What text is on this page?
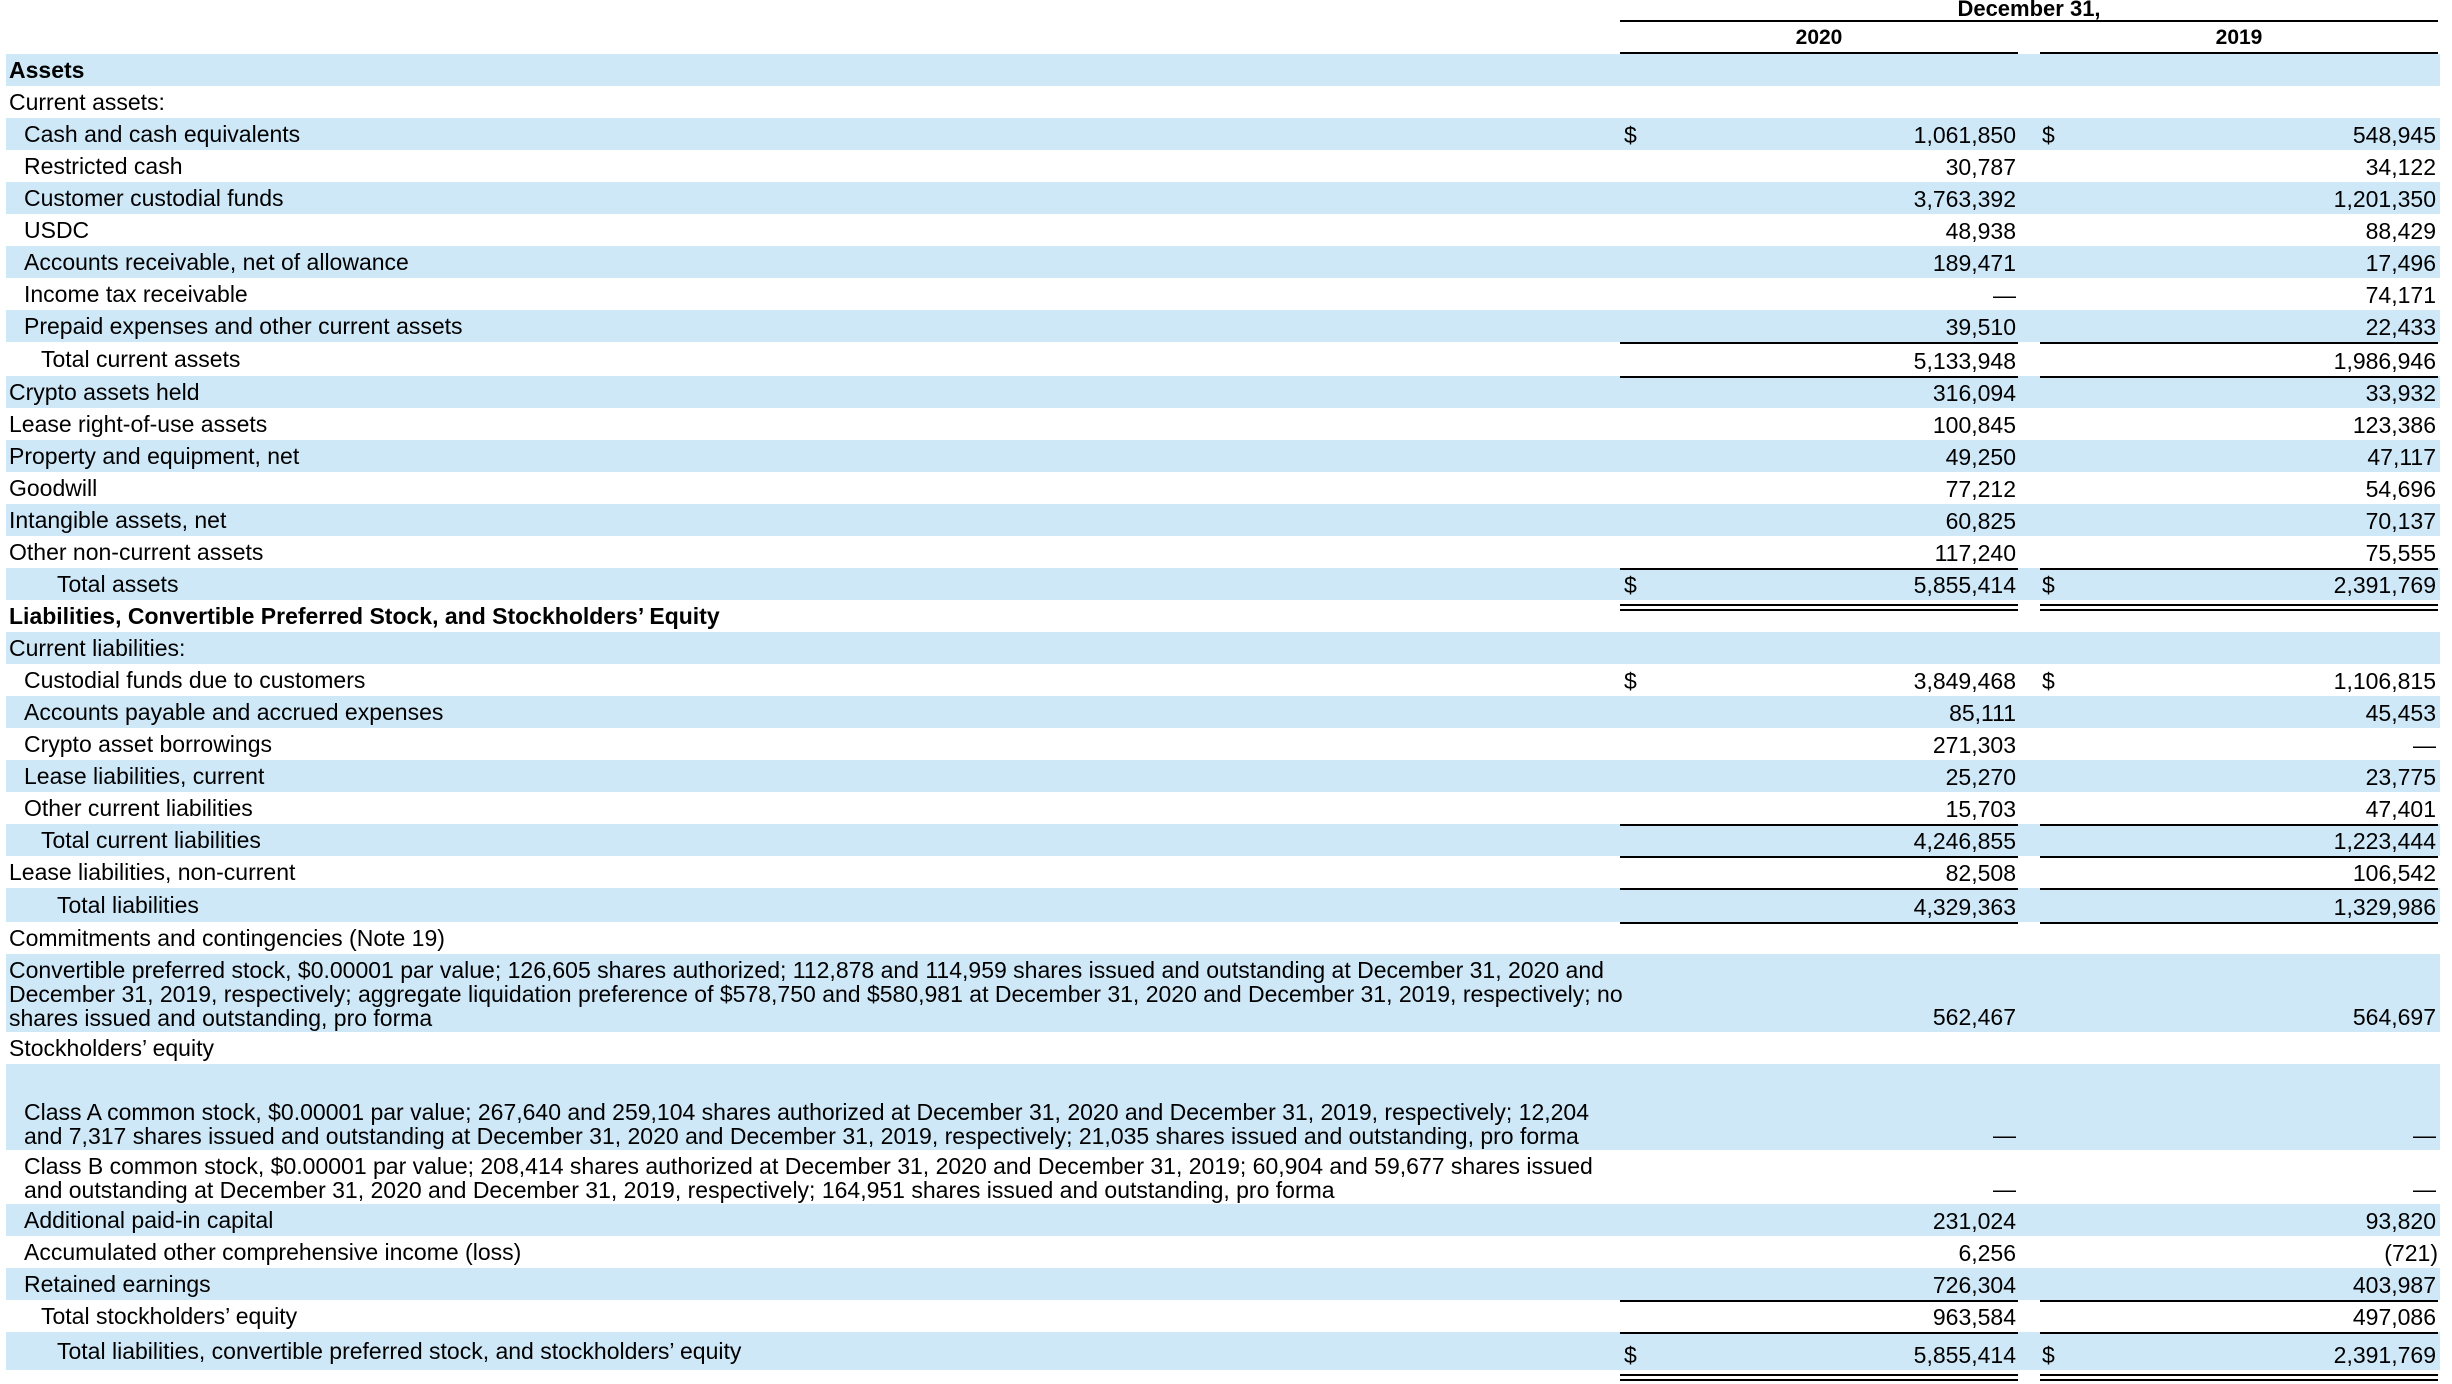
December 31,
2020	2019
Assets
Current assets:
Cash and cash equivalents	$	1,061,850 $	548,945
Restricted cash	30,787	34,122
Customer custodial funds	3,763,392	1,201,350
USDC	48,938	88,429
Accounts receivable, net of allowance	189,471	17,496
Income tax receivable	—	74,171
Prepaid expenses and other current assets	39,510	22,433
Total current assets	5,133,948	1,986,946
Crypto assets held	316,094	33,932
Lease right-of-use assets	100,845	123,386
Property and equipment, net	49,250	47,117
Goodwill	77,212	54,696
Intangible assets, net	60,825	70,137
Other non-current assets	117,240	75,555
Total assets	$	5,855,414 $	2,391,769
Liabilities, Convertible Preferred Stock, and Stockholders’ Equity
Current liabilities:
Custodial funds due to customers	$	3,849,468 $	1,106,815
Accounts payable and accrued expenses	85,111	45,453
Crypto asset borrowings	271,303	—
Lease liabilities, current	25,270	23,775
Other current liabilities	15,703	47,401
Total current liabilities	4,246,855	1,223,444
Lease liabilities, non-current	82,508	106,542
Total liabilities	4,329,363	1,329,986
Commitments and contingencies (Note 19)
Convertible preferred stock, $0.00001 par value; 126,605 shares authorized; 112,878 and 114,959 shares issued and outstanding at December 31, 2020 and December 31, 2019, respectively; aggregate liquidation preference of $578,750 and $580,981 at December 31, 2020 and December 31, 2019, respectively; no shares issued and outstanding, pro forma	562,467	564,697
Stockholders’ equity
Class A common stock, $0.00001 par value; 267,640 and 259,104 shares authorized at December 31, 2020 and December 31, 2019, respectively; 12,204 and 7,317 shares issued and outstanding at December 31, 2020 and December 31, 2019, respectively; 21,035 shares issued and outstanding, pro forma	—	—
Class B common stock, $0.00001 par value; 208,414 shares authorized at December 31, 2020 and December 31, 2019; 60,904 and 59,677 shares issued and outstanding at December 31, 2020 and December 31, 2019, respectively; 164,951 shares issued and outstanding, pro forma	—	—
Additional paid-in capital	231,024	93,820
Accumulated other comprehensive income (loss)	6,256	(721)
Retained earnings	726,304	403,987
Total stockholders’ equity	963,584	497,086
Total liabilities, convertible preferred stock, and stockholders’ equity	$	5,855,414 $	2,391,769
